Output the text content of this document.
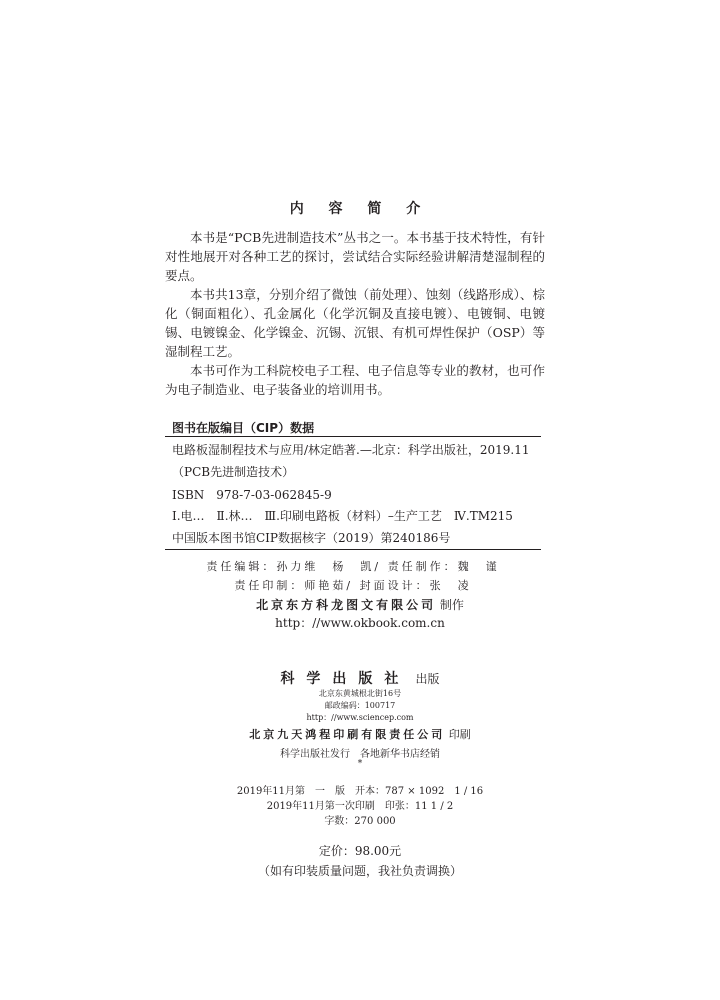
内 容 简 介

本书是“PCB先进制造技术”丛书之一。本书基于技术特性，有针对性地展开对各种工艺的探讨，尝试结合实际经验讲解清楚湿制程的要点。

本书共13章，分别介绍了微蚀（前处理）、蚀刻（线路形成）、棕化（铜面粗化）、孔金属化（化学沉铜及直接电镀）、电镀铜、电镀锡、电镀镍金、化学镍金、沉锡、沉银、有机可焊性保护（OSP）等湿制程工艺。

本书可作为工科院校电子工程、电子信息等专业的教材，也可作为电子制造业、电子装备业的培训用书。

图书在版编目（CIP）数据
电路板湿制程技术与应用/林定皓著.—北京：科学出版社，2019.11
（PCB先进制造技术）
ISBN　978-7-03-062845-9
Ⅰ.电…　Ⅱ.林…　Ⅲ.印刷电路板（材料）–生产工艺　Ⅳ.TM215
中国版本图书馆CIP数据核字（2019）第240186号
责任编辑：孙力维　杨　凯/ 责任制作：魏　谨
责任印制：师艳茹/ 封面设计：张　凌
北京东方科龙图文有限公司 制作
http：//www.okbook.com.cn
科学出版社 出版
北京东黄城根北街16号
邮政编码：100717
http：//www.sciencep.com
北京九天鸿程印刷有限责任公司 印刷
科学出版社发行 各地新华书店经销
*
2019年11月第　一　版 开本：787 × 1092　1 / 16
2019年11月第一次印刷 印张：11 1 / 2
字数：270 000
定价：98.00元
（如有印装质量问题，我社负责调换）
